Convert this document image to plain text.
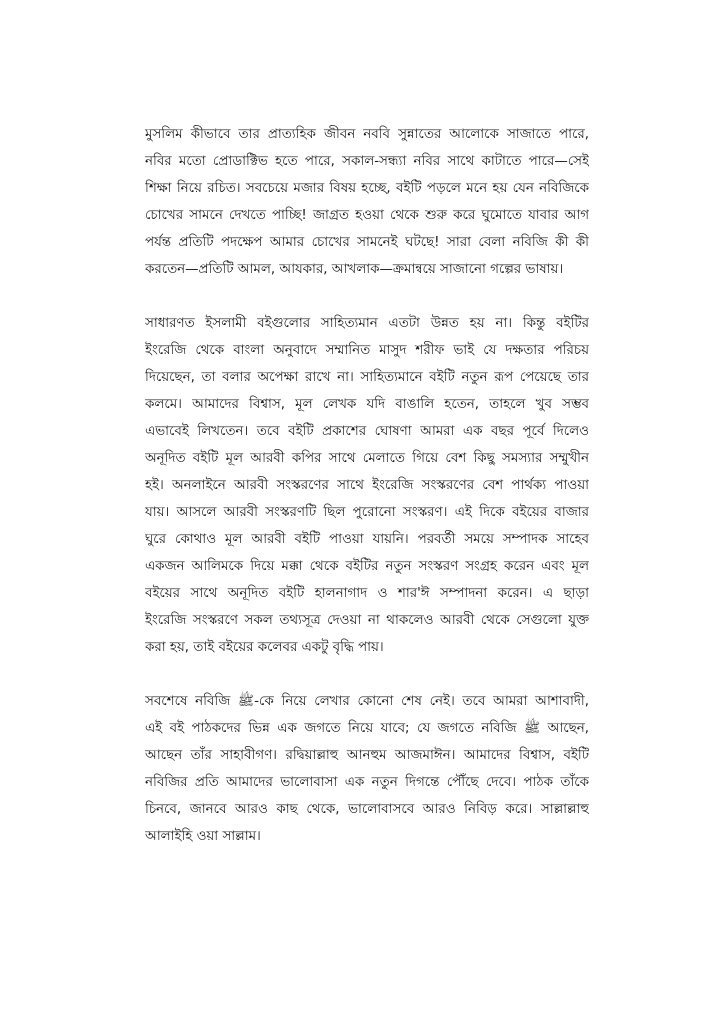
মুসলিম কীভাবে তার প্রাত্যহিক জীবন নববি সুন্নাতের আলোকে সাজাতে পারে,
নবির মতো প্রোডাক্টিভ হতে পারে, সকাল-সন্ধ্যা নবির সাথে কাটাতে পারে—সেই
শিক্ষা নিয়ে রচিত। সবচেয়ে মজার বিষয় হচ্ছে, বইটি পড়লে মনে হয় যেন নবিজিকে
চোখের সামনে দেখতে পাচ্ছি! জাগ্রত হওয়া থেকে শুরু করে ঘুমোতে যাবার আগ
পর্যন্ত প্রতিটি পদক্ষেপ আমার চোখের সামনেই ঘটছে! সারা বেলা নবিজি কী কী
করতেন—প্রতিটি আমল, আযকার, আখলাক—ক্রমান্বয়ে সাজানো গল্পের ভাষায়।

সাধারণত ইসলামী বইগুলোর সাহিত্যমান এতটা উন্নত হয় না। কিন্তু বইটির
ইংরেজি থেকে বাংলা অনুবাদে সম্মানিত মাসুদ শরীফ ভাই যে দক্ষতার পরিচয়
দিয়েছেন, তা বলার অপেক্ষা রাখে না। সাহিত্যমানে বইটি নতুন রূপ পেয়েছে তার
কলমে। আমাদের বিশ্বাস, মূল লেখক যদি বাঙালি হতেন, তাহলে খুব সম্ভব
এভাবেই লিখতেন। তবে বইটি প্রকাশের ঘোষণা আমরা এক বছর পূর্বে দিলেও
অনূদিত বইটি মূল আরবী কপির সাথে মেলাতে গিয়ে বেশ কিছু সমস্যার সম্মুখীন
হই। অনলাইনে আরবী সংস্করণের সাথে ইংরেজি সংস্করণের বেশ পার্থক্য পাওয়া
যায়। আসলে আরবী সংস্করণটি ছিল পুরোনো সংস্করণ। এই দিকে বইয়ের বাজার
ঘুরে কোথাও মূল আরবী বইটি পাওয়া যায়নি। পরবর্তী সময়ে সম্পাদক সাহেব
একজন আলিমকে দিয়ে মক্কা থেকে বইটির নতুন সংস্করণ সংগ্রহ করেন এবং মূল
বইয়ের সাথে অনূদিত বইটি হালনাগাদ ও শার'ঈ সম্পাদনা করেন। এ ছাড়া
ইংরেজি সংস্করণে সকল তথ্যসূত্র দেওয়া না থাকলেও আরবী থেকে সেগুলো যুক্ত
করা হয়, তাই বইয়ের কলেবর একটু বৃদ্ধি পায়।

সবশেষে নবিজি ﷺ-কে নিয়ে লেখার কোনো শেষ নেই। তবে আমরা আশাবাদী,
এই বই পাঠকদের ভিন্ন এক জগতে নিয়ে যাবে; যে জগতে নবিজি ﷺ আছেন,
আছেন তাঁর সাহাবীগণ। রদ্বিয়াল্লাহু আনহুম আজমাঈন। আমাদের বিশ্বাস, বইটি
নবিজির প্রতি আমাদের ভালোবাসা এক নতুন দিগন্তে পৌঁছে দেবে। পাঠক তাঁকে
চিনবে, জানবে আরও কাছ থেকে, ভালোবাসবে আরও নিবিড় করে। সাল্লাল্লাহু
আলাইহি ওয়া সাল্লাম।
